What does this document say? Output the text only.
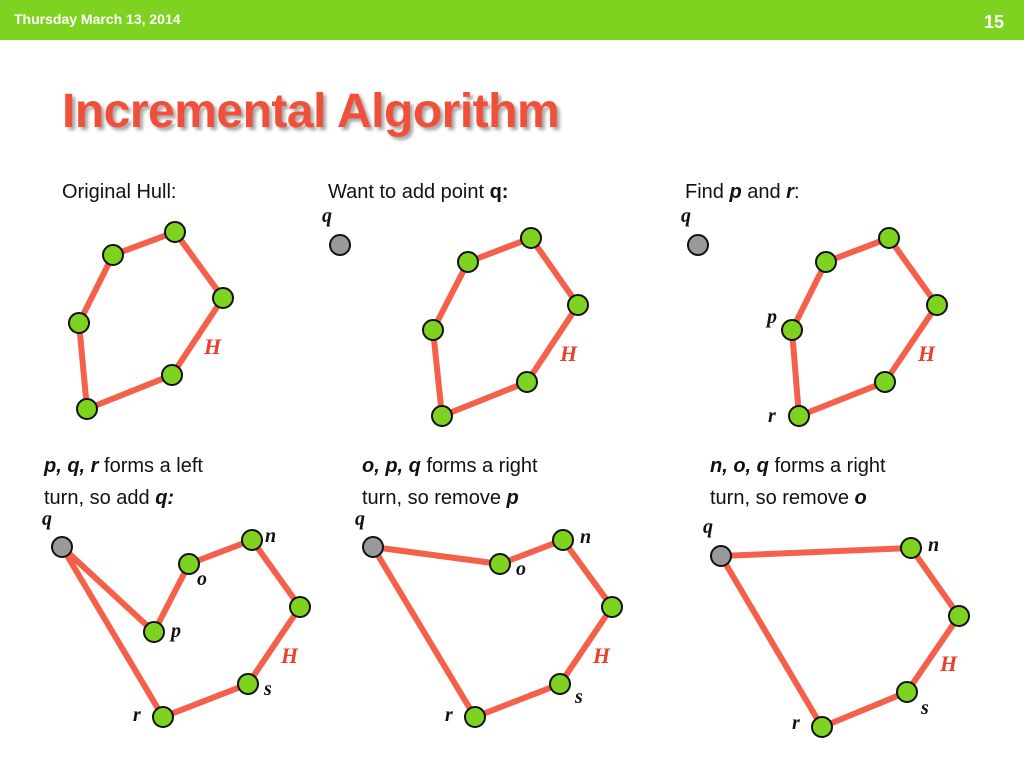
Thursday March 13, 2014	15
Incremental Algorithm
Original Hull:	Want to add point q:	Find p and r:
p, q, r forms a left
turn, so add q:
o, p, q forms a right
turn, so remove p
n, o, q forms a right
turn, so remove o
H
q
H
q
p
r
H
q
p
o
n
s
r
H
q
o
n
s
r
H
q
n
s
r
H
